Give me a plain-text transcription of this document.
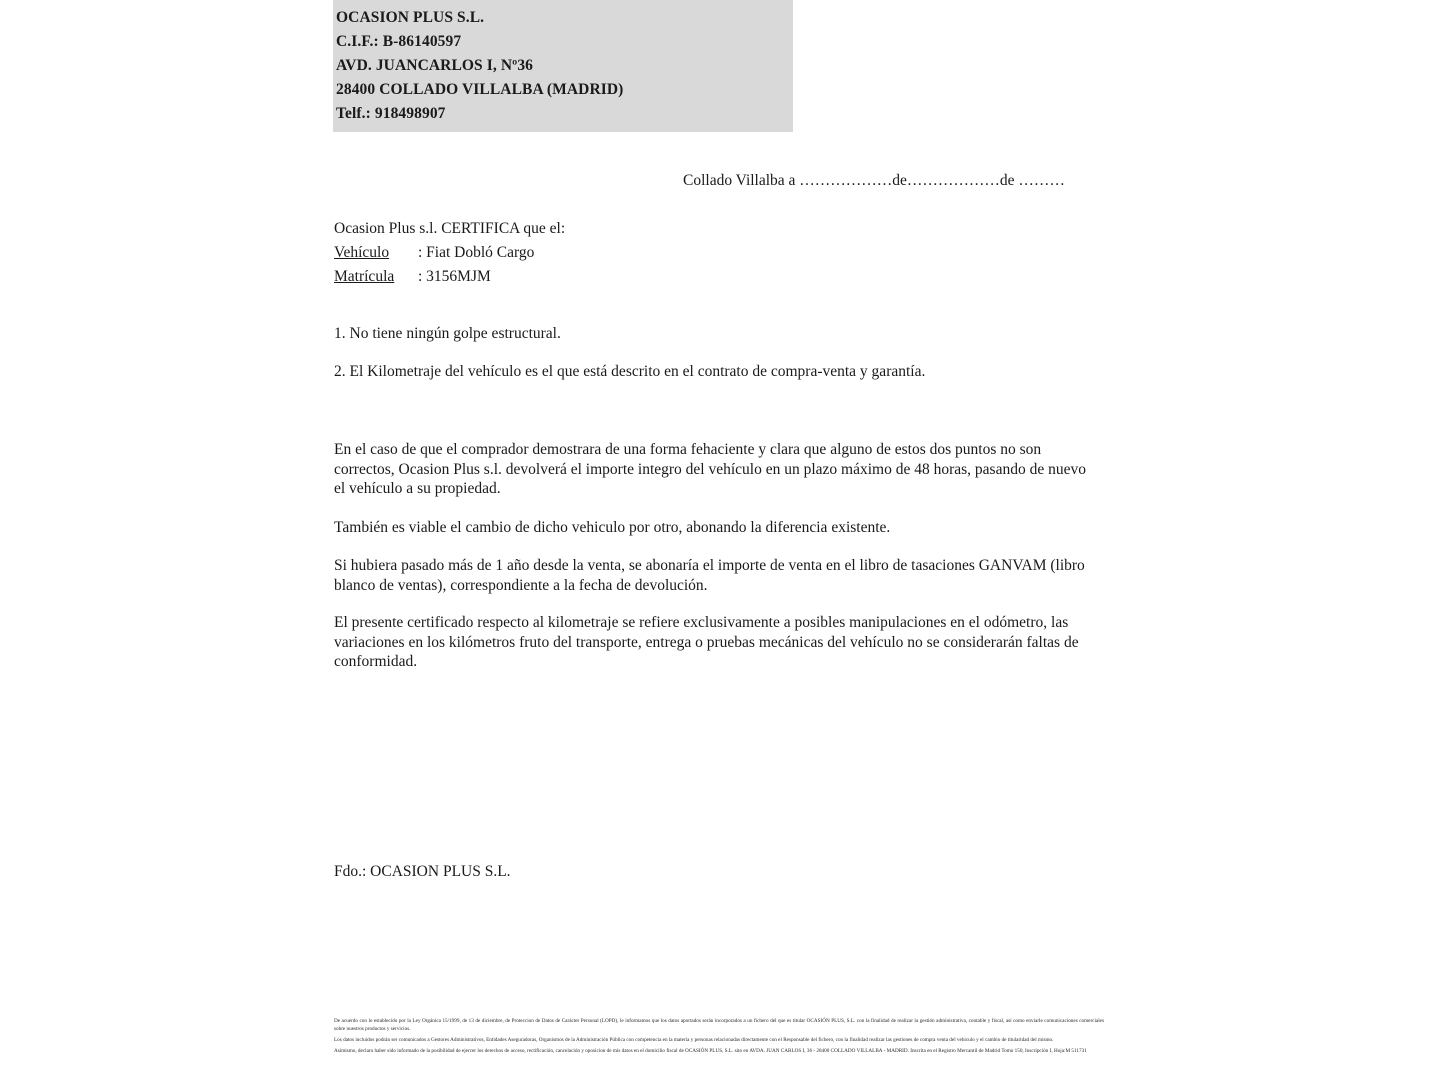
OCASION PLUS S.L.
C.I.F.: B-86140597
AVD. JUANCARLOS I, Nº36
28400 COLLADO VILLALBA (MADRID)
Telf.: 918498907
Collado Villalba a ………………de………………de ………
Ocasion Plus s.l. CERTIFICA que el:
Vehículo : Fiat Dobló Cargo
Matrícula : 3156MJM
1. No tiene ningún golpe estructural.
2. El Kilometraje del vehículo es el que está descrito en el contrato de compra-venta y garantía.
En el caso de que el comprador demostrara de una forma fehaciente y clara que alguno de estos dos puntos no son correctos, Ocasion Plus s.l. devolverá el importe integro del vehículo en un plazo máximo de 48 horas, pasando de nuevo el vehículo a su propiedad.
También es viable el cambio de dicho vehiculo por otro, abonando la diferencia existente.
Si hubiera pasado más de 1 año desde la venta, se abonaría el importe de venta en el libro de tasaciones GANVAM (libro blanco de ventas), correspondiente a la fecha de devolución.
El presente certificado respecto al kilometraje se refiere exclusivamente a posibles manipulaciones en el odómetro, las variaciones en los kilómetros fruto del transporte, entrega o pruebas mecánicas del vehículo no se considerarán faltas de conformidad.
Fdo.: OCASION PLUS S.L.

De acuerdo con lo establecido por la Ley Orgánica 15/1999, de 13 de diciembre, de Proteccion de Datos de Carácter Personal (LOPD), le informamos que los datos aportados serán incorporados a un fichero del que es titular OCASIÓN PLUS, S.L. con la finalidad de realizar la gestión administrativa, contable y fiscal, así como enviarle comunicaciones comerciales sobre nuestros productos y servicios.

Los datos incluidos podrán ser comunicados a Gestores Administrativos, Entidades Aseguradoras, Organismos de la Administración Pública con competencia en la materia y personas relacionadas directamente con el Responsable del fichero, con la finalidad realizar las gestiones de compra venta del vehiculo y el cambio de titularidad del mismo.

Asimismo, declaro haber sido informado de la posibilidad de ejercer los derechos de acceso, rectificación, cancelación y oposicion de mis datos en el domicilio fiscal de OCASIÓN PLUS, S.L. sito en AVDA. JUAN CARLOS I, 36 - 28400 COLLADO VILLALBA - MADRID. Inscrita en el Registro Mercantil de Madrid Tomo 150, Inscripción I, Hoja:M 511731
